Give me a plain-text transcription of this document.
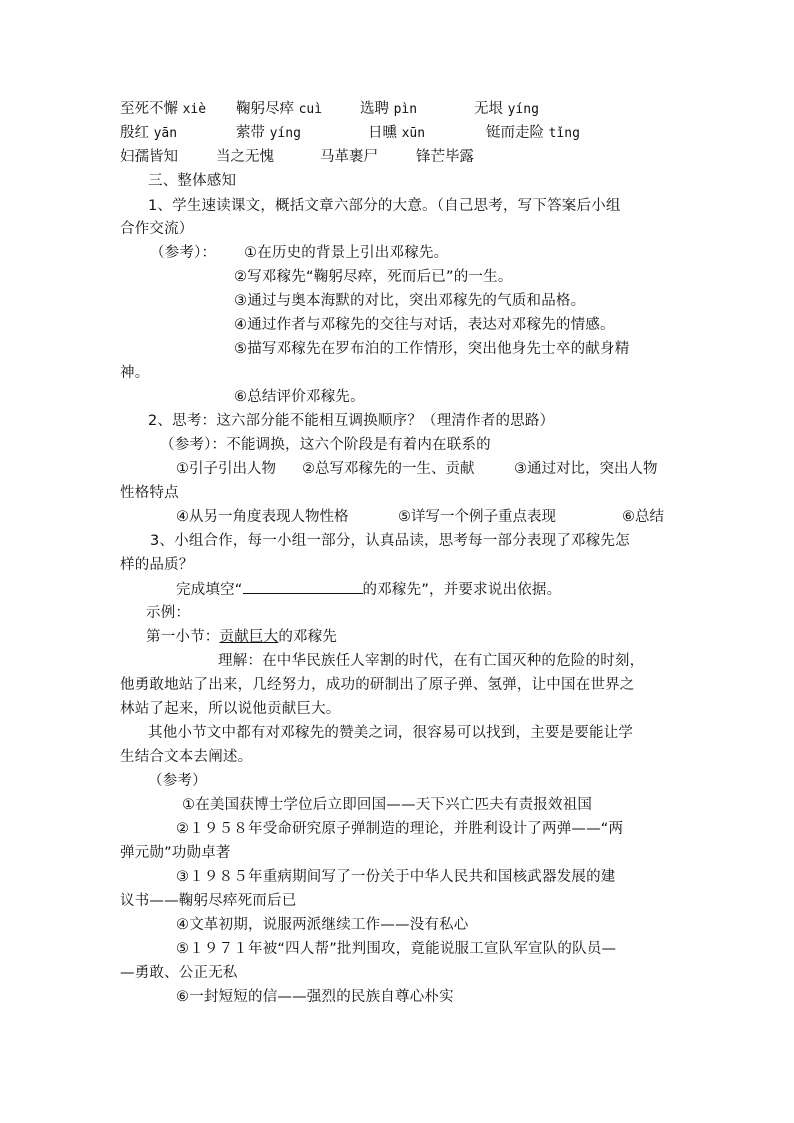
至死不懈 xiè 鞠躬尽瘁 cuì	选聘 pìn	无垠 yíng
殷红 yān	萦带 yíng	日曛 xūn	铤而走险 tǐng
妇孺皆知	当之无愧	马革裹尸	锋芒毕露
三、整体感知
1、学生速读课文，概括文章六部分的大意。（自己思考，写下答案后小组
合作交流）
（参考）： ①在历史的背景上引出邓稼先。
②写邓稼先“鞠躬尽瘁，死而后已”的一生。
③通过与奥本海默的对比，突出邓稼先的气质和品格。
④通过作者与邓稼先的交往与对话，表达对邓稼先的情感。
⑤描写邓稼先在罗布泊的工作情形，突出他身先士卒的献身精
神。
⑥总结评价邓稼先。
2、思考：这六部分能不能相互调换顺序？（理清作者的思路）
（参考）：不能调换，这六个阶段是有着内在联系的
①引子引出人物 ②总写邓稼先的一生、贡献	③通过对比，突出人物
性格特点
④从另一角度表现人物性格	⑤详写一个例子重点表现	⑥总结
3、小组合作，每一小组一部分，认真品读，思考每一部分表现了邓稼先怎
样的品质？
完成填空“	的邓稼先”，并要求说出依据。
示例：
第一小节：贡献巨大的邓稼先
理解：在中华民族任人宰割的时代，在有亡国灭种的危险的时刻，
他勇敢地站了出来，几经努力，成功的研制出了原子弹、氢弹，让中国在世界之
林站了起来，所以说他贡献巨大。
其他小节文中都有对邓稼先的赞美之词，很容易可以找到，主要是要能让学
生结合文本去阐述。
（参考）
①在美国获博士学位后立即回国——天下兴亡匹夫有责报效祖国
②１９５８年受命研究原子弹制造的理论，并胜利设计了两弹——“两
弹元勋”功勋卓著
③１９８５年重病期间写了一份关于中华人民共和国核武器发展的建
议书——鞠躬尽瘁死而后已
④文革初期，说服两派继续工作——没有私心
⑤１９７１年被“四人帮”批判围攻，竟能说服工宣队军宣队的队员—
—勇敢、公正无私
⑥一封短短的信——强烈的民族自尊心朴实
